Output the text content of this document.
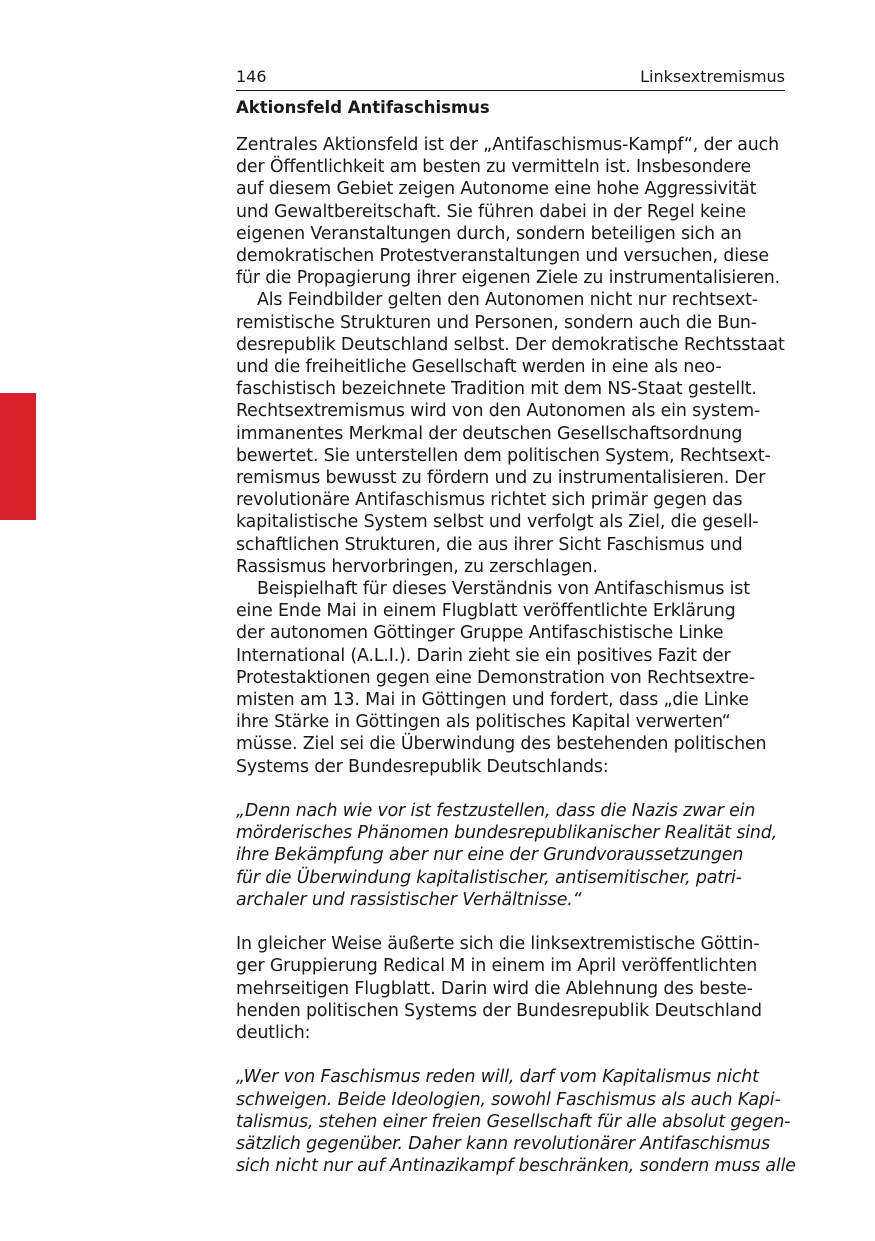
146	Linksextremismus
Aktionsfeld Antifaschismus
Zentrales Aktionsfeld ist der „Antifaschismus-Kampf“, der auch
der Öffentlichkeit am besten zu vermitteln ist. Insbesondere
auf diesem Gebiet zeigen Autonome eine hohe Aggressivität
und Gewaltbereitschaft. Sie führen dabei in der Regel keine
eigenen Veranstaltungen durch, sondern beteiligen sich an
demokratischen Protestveranstaltungen und versuchen, diese
für die Propagierung ihrer eigenen Ziele zu instrumentalisieren.
Als Feindbilder gelten den Autonomen nicht nur rechtsext-
remistische Strukturen und Personen, sondern auch die Bun-
desrepublik Deutschland selbst. Der demokratische Rechtsstaat
und die freiheitliche Gesellschaft werden in eine als neo-
faschistisch bezeichnete Tradition mit dem NS-Staat gestellt.
Rechtsextremismus wird von den Autonomen als ein system-
immanentes Merkmal der deutschen Gesellschaftsordnung
bewertet. Sie unterstellen dem politischen System, Rechtsext-
remismus bewusst zu fördern und zu instrumentalisieren. Der
revolutionäre Antifaschismus richtet sich primär gegen das
kapitalistische System selbst und verfolgt als Ziel, die gesell-
schaftlichen Strukturen, die aus ihrer Sicht Faschismus und
Rassismus hervorbringen, zu zerschlagen.
Beispielhaft für dieses Verständnis von Antifaschismus ist
eine Ende Mai in einem Flugblatt veröffentlichte Erklärung
der autonomen Göttinger Gruppe Antifaschistische Linke
International (A.L.I.). Darin zieht sie ein positives Fazit der
Protestaktionen gegen eine Demonstration von Rechtsextre-
misten am 13. Mai in Göttingen und fordert, dass „die Linke
ihre Stärke in Göttingen als politisches Kapital verwerten“
müsse. Ziel sei die Überwindung des bestehenden politischen
Systems der Bundesrepublik Deutschlands:
„Denn nach wie vor ist festzustellen, dass die Nazis zwar ein
mörderisches Phänomen bundesrepublikanischer Realität sind,
ihre Bekämpfung aber nur eine der Grundvoraussetzungen
für die Überwindung kapitalistischer, antisemitischer, patri-
archaler und rassistischer Verhältnisse.“
In gleicher Weise äußerte sich die linksextremistische Göttin-
ger Gruppierung Redical M in einem im April veröffentlichten
mehrseitigen Flugblatt. Darin wird die Ablehnung des beste-
henden politischen Systems der Bundesrepublik Deutschland
deutlich:
„Wer von Faschismus reden will, darf vom Kapitalismus nicht
schweigen. Beide Ideologien, sowohl Faschismus als auch Kapi-
talismus, stehen einer freien Gesellschaft für alle absolut gegen-
sätzlich gegenüber. Daher kann revolutionärer Antifaschismus
sich nicht nur auf Antinazikampf beschränken, sondern muss alle
